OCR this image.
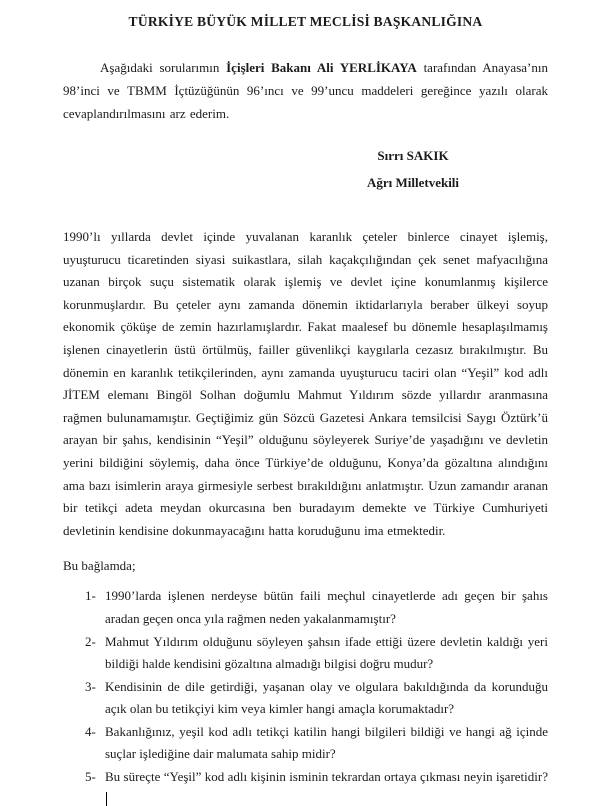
TÜRKİYE BÜYÜK MİLLET MECLİSİ BAŞKANLIĞINA

Aşağıdaki sorularımın İçişleri Bakanı Ali YERLİKAYA tarafından Anayasa’nın 98’inci ve TBMM İçtüzüğünün 96’ıncı ve 99’uncu maddeleri gereğince yazılı olarak cevaplandırılmasını arz ederim.

Sırrı SAKIK
Ağrı Milletvekili

1990’lı yıllarda devlet içinde yuvalanan karanlık çeteler binlerce cinayet işlemiş, uyuşturucu ticaretinden siyasi suikastlara, silah kaçakçılığından çek senet mafyacılığına uzanan birçok suçu sistematik olarak işlemiş ve devlet içine konumlanmış kişilerce korunmuşlardır. Bu çeteler aynı zamanda dönemin iktidarlarıyla beraber ülkeyi soyup ekonomik çöküşe de zemin hazırlamışlardır. Fakat maalesef bu dönemle hesaplaşılmamış işlenen cinayetlerin üstü örtülmüş, failler güvenlikçi kaygılarla cezasız bırakılmıştır. Bu dönemin en karanlık tetikçilerinden, aynı zamanda uyuşturucu taciri olan “Yeşil” kod adlı JİTEM elemanı Bingöl Solhan doğumlu Mahmut Yıldırım sözde yıllardır aranmasına rağmen bulunamamıştır. Geçtiğimiz gün Sözcü Gazetesi Ankara temsilcisi Saygı Öztürk’ü arayan bir şahıs, kendisinin “Yeşil” olduğunu söyleyerek Suriye’de yaşadığını ve devletin yerini bildiğini söylemiş, daha önce Türkiye’de olduğunu, Konya’da gözaltına alındığını ama bazı isimlerin araya girmesiyle serbest bırakıldığını anlatmıştır. Uzun zamandır aranan bir tetikçi adeta meydan okurcasına ben buradayım demekte ve Türkiye Cumhuriyeti devletinin kendisine dokunmayacağını hatta koruduğunu ima etmektedir.

Bu bağlamda;

1- 1990’larda işlenen nerdeyse bütün faili meçhul cinayetlerde adı geçen bir şahıs aradan geçen onca yıla rağmen neden yakalanmamıştır?
2- Mahmut Yıldırım olduğunu söyleyen şahsın ifade ettiği üzere devletin kaldığı yeri bildiği halde kendisini gözaltına almadığı bilgisi doğru mudur?
3- Kendisinin de dile getirdiği, yaşanan olay ve olgulara bakıldığında da korunduğu açık olan bu tetikçiyi kim veya kimler hangi amaçla korumaktadır?
4- Bakanlığınız, yeşil kod adlı tetikçi katilin hangi bilgileri bildiği ve hangi ağ içinde suçlar işlediğine dair malumata sahip midir?
5- Bu süreçte “Yeşil” kod adlı kişinin isminin tekrardan ortaya çıkması neyin işaretidir?
